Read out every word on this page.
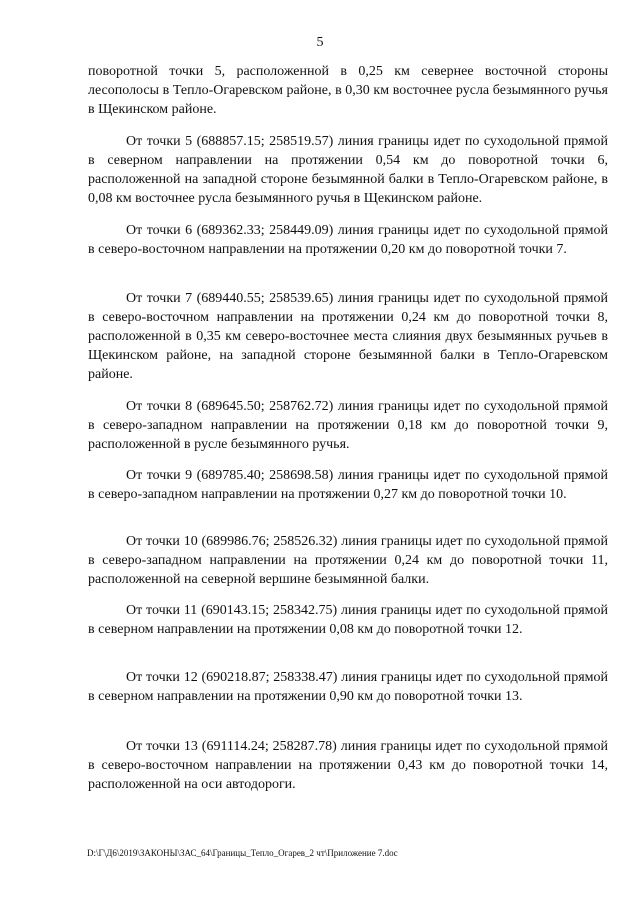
5

поворотной точки 5, расположенной в 0,25 км севернее восточной стороны лесополосы в Тепло-Огаревском районе, в 0,30 км восточнее русла безымянного ручья в Щекинском районе.

От точки 5 (688857.15; 258519.57) линия границы идет по суходольной прямой в северном направлении на протяжении 0,54 км до поворотной точки 6, расположенной на западной стороне безымянной балки в Тепло-Огаревском районе, в 0,08 км восточнее русла безымянного ручья в Щекинском районе.

От точки 6 (689362.33; 258449.09) линия границы идет по суходольной прямой в северо-восточном направлении на протяжении 0,20 км до поворотной точки 7.

От точки 7 (689440.55; 258539.65) линия границы идет по суходольной прямой в северо-восточном направлении на протяжении 0,24 км до поворотной точки 8, расположенной в 0,35 км северо-восточнее места слияния двух безымянных ручьев в Щекинском районе, на западной стороне безымянной балки в Тепло-Огаревском районе.

От точки 8 (689645.50; 258762.72) линия границы идет по суходольной прямой в северо-западном направлении на протяжении 0,18 км до поворотной точки 9, расположенной в русле безымянного ручья.

От точки 9 (689785.40; 258698.58) линия границы идет по суходольной прямой в северо-западном направлении на протяжении 0,27 км до поворотной точки 10.

От точки 10 (689986.76; 258526.32) линия границы идет по суходольной прямой в северо-западном направлении на протяжении 0,24 км до поворотной точки 11, расположенной на северной вершине безымянной балки.

От точки 11 (690143.15; 258342.75) линия границы идет по суходольной прямой в северном направлении на протяжении 0,08 км до поворотной точки 12.

От точки 12 (690218.87; 258338.47) линия границы идет по суходольной прямой в северном направлении на протяжении 0,90 км до поворотной точки 13.

От точки 13 (691114.24; 258287.78) линия границы идет по суходольной прямой в северо-восточном направлении на протяжении 0,43 км до поворотной точки 14, расположенной на оси автодороги.

D:\Г\Д6\2019\ЗАКОНЫ\ЗАС_64\Границы_Тепло_Огарев_2 чт\Приложение 7.doc
